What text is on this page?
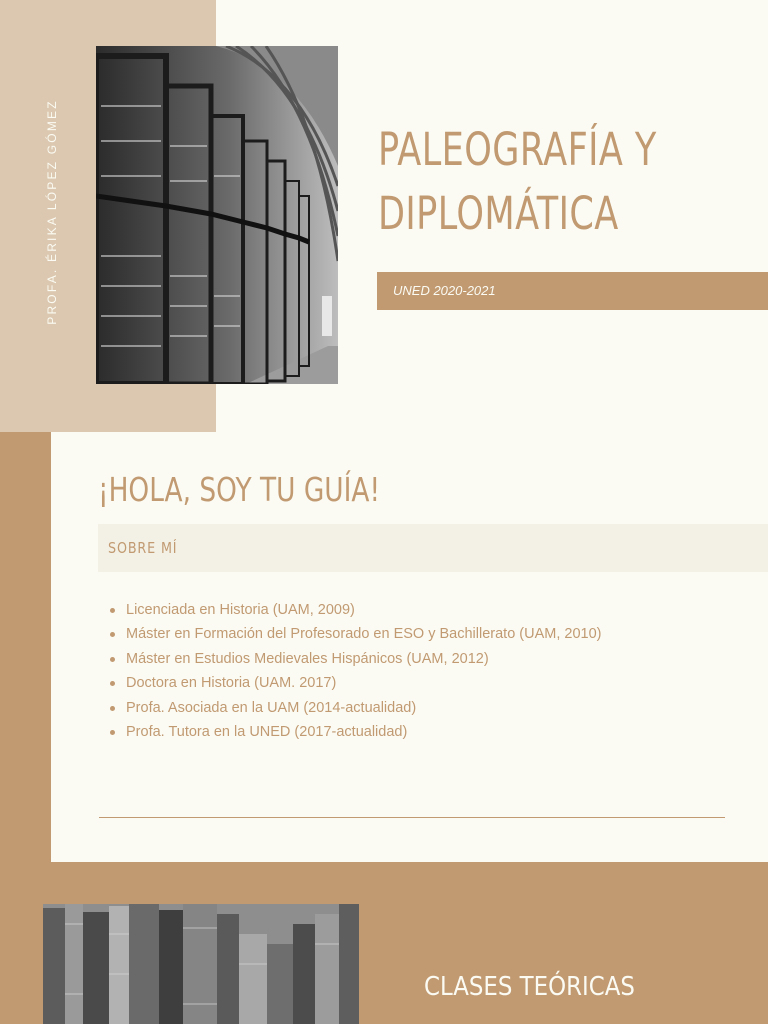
PROFA. ÉRIKA LÓPEZ GÓMEZ	PALEOGRAFÍA Y
DIPLOMÁTICA
UNED 2020-2021
¡HOLA, SOY TU GUÍA!
SOBRE MÍ
Licenciada en Historia (UAM, 2009)
Máster en Formación del Profesorado en ESO y Bachillerato (UAM, 2010)
Máster en Estudios Medievales Hispánicos (UAM, 2012)
Doctora en Historia (UAM. 2017)
Profa. Asociada en la UAM (2014-actualidad)
Profa. Tutora en la UNED (2017-actualidad)
CLASES TEÓRICAS
